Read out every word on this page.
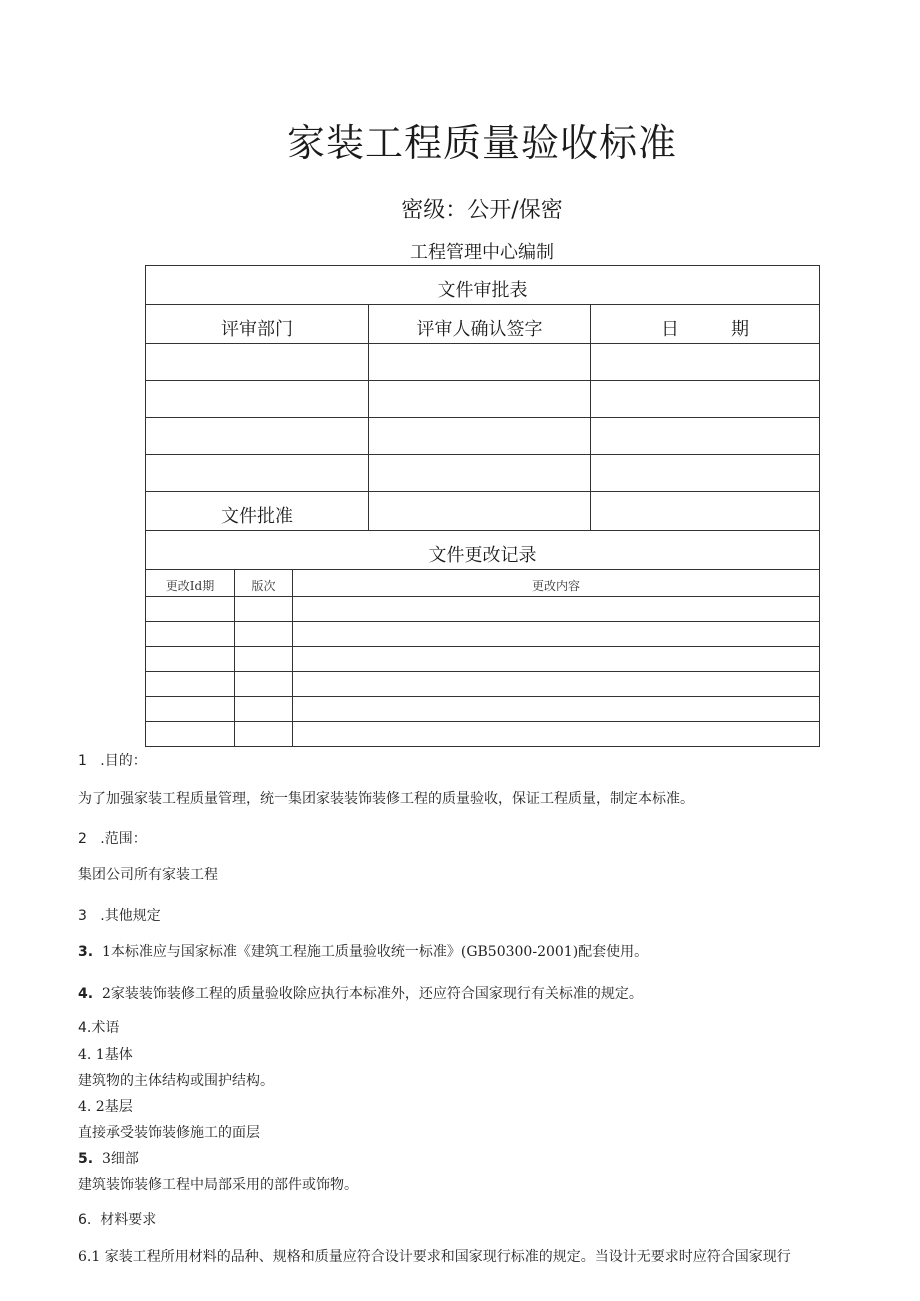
家装工程质量验收标准
密级：公开/保密
工程管理中心编制
文件审批表		
评审部门	评审人确认签字	日 期

文件批准		
文件更改记录		
更改Id期	版次	更改内容

1 .目的：
为了加强家装工程质量管理，统一集团家装装饰装修工程的质量验收，保证工程质量，制定本标准。
2 .范围：
集团公司所有家装工程
3 .其他规定
3. 1本标准应与国家标准《建筑工程施工质量验收统一标准》(GB50300-2001)配套使用。
4. 2家装装饰装修工程的质量验收除应执行本标准外，还应符合国家现行有关标准的规定。
4.术语
4. 1基体
建筑物的主体结构或围护结构。
4. 2基层
直接承受装饰装修施工的面层
5. 3细部
建筑装饰装修工程中局部采用的部件或饰物。
6. 材料要求
6.1 家装工程所用材料的品种、规格和质量应符合设计要求和国家现行标准的规定。当设计无要求时应符合国家现行
